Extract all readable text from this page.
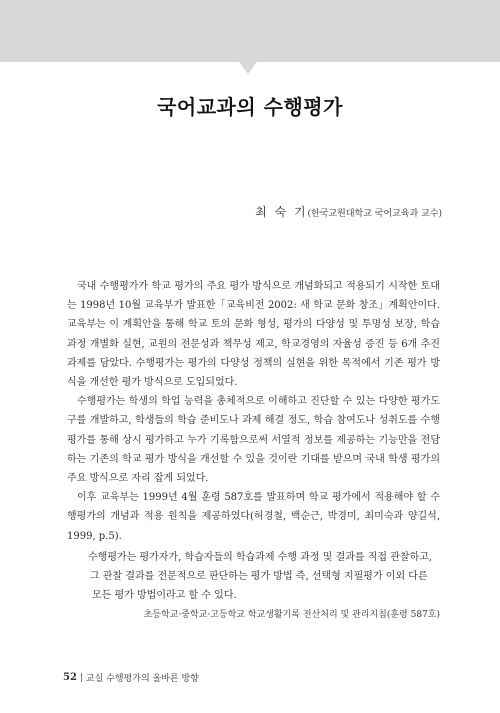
국어교과의 수행평가
최 숙 기(한국교원대학교 국어교육과 교수)

국내 수행평가가 학교 평가의 주요 평가 방식으로 개념화되고 적용되기 시작한 토대는 1998년 10월 교육부가 발표한「교육비전 2002: 새 학교 문화 창조」계획안이다. 교육부는 이 계획안을 통해 학교 토의 문화 형성, 평가의 다양성 및 투명성 보장, 학습과정 개별화 실현, 교원의 전문성과 책무성 제고, 학교경영의 자율성 증진 등 6개 추진과제를 담았다. 수행평가는 평가의 다양성 정책의 실현을 위한 목적에서 기존 평가 방식을 개선한 평가 방식으로 도입되었다.

수행평가는 학생의 학업 능력을 총체적으로 이해하고 진단할 수 있는 다양한 평가도구를 개발하고, 학생들의 학습 준비도나 과제 해결 정도, 학습 참여도나 성취도를 수행평가를 통해 상시 평가하고 누가 기록함으로써 서열적 정보를 제공하는 기능만을 전담하는 기존의 학교 평가 방식을 개선할 수 있을 것이란 기대를 받으며 국내 학생 평가의 주요 방식으로 자리 잡게 되었다.

이후 교육부는 1999년 4월 훈령 587호를 발표하며 학교 평가에서 적용해야 할 수행평가의 개념과 적용 원칙을 제공하였다(허경철, 백순근, 박경미, 최미숙과 양길석, 1999, p.5).

수행평가는 평가자가, 학습자들의 학습과제 수행 과정 및 결과를 직접 관찰하고,

그 관찰 결과를 전문적으로 판단하는 평가 방법 즉, 선택형 지필평가 이외 다른

모든 평가 방법이라고 할 수 있다.

초등학교·중학교·고등학교 학교생활기록 전산처리 및 관리지침(훈령 587호)
52 교실 수행평가의 올바른 방향
